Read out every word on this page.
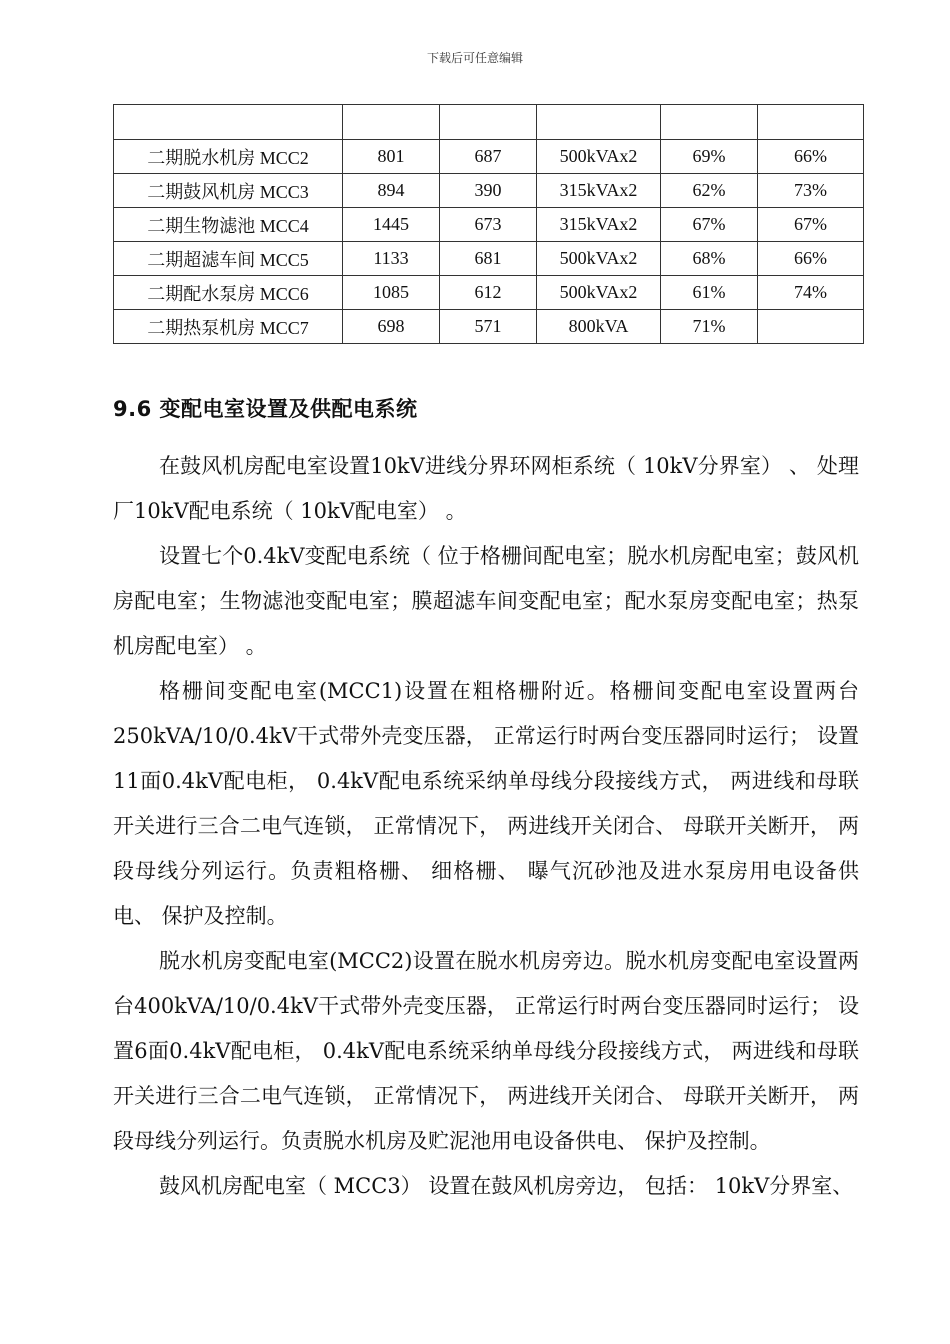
下载后可任意编辑

二期脱水机房 MCC2	801	687	500kVAx2	69%	66%
二期鼓风机房 MCC3	894	390	315kVAx2	62%	73%
二期生物滤池 MCC4	1445	673	315kVAx2	67%	67%
二期超滤车间 MCC5	1133	681	500kVAx2	68%	66%
二期配水泵房 MCC6	1085	612	500kVAx2	61%	74%
二期热泵机房 MCC7	698	571	800kVA	71%	
9.6 变配电室设置及供配电系统

在鼓风机房配电室设置10kV进线分界环网柜系统（ 10kV分界室） 、 处理厂10kV配电系统（ 10kV配电室） 。

设置七个0.4kV变配电系统（ 位于格栅间配电室；脱水机房配电室；鼓风机房配电室；生物滤池变配电室；膜超滤车间变配电室；配水泵房变配电室；热泵机房配电室） 。

格栅间变配电室(MCC1)设置在粗格栅附近。格栅间变配电室设置两台250kVA/10/0.4kV干式带外壳变压器， 正常运行时两台变压器同时运行； 设置11面0.4kV配电柜， 0.4kV配电系统采纳单母线分段接线方式， 两进线和母联开关进行三合二电气连锁， 正常情况下， 两进线开关闭合、 母联开关断开， 两段母线分列运行。负责粗格栅、 细格栅、 曝气沉砂池及进水泵房用电设备供电、 保护及控制。

脱水机房变配电室(MCC2)设置在脱水机房旁边。脱水机房变配电室设置两台400kVA/10/0.4kV干式带外壳变压器， 正常运行时两台变压器同时运行； 设置6面0.4kV配电柜， 0.4kV配电系统采纳单母线分段接线方式， 两进线和母联开关进行三合二电气连锁， 正常情况下， 两进线开关闭合、 母联开关断开， 两段母线分列运行。负责脱水机房及贮泥池用电设备供电、 保护及控制。

鼓风机房配电室（ MCC3） 设置在鼓风机房旁边， 包括： 10kV分界室、
